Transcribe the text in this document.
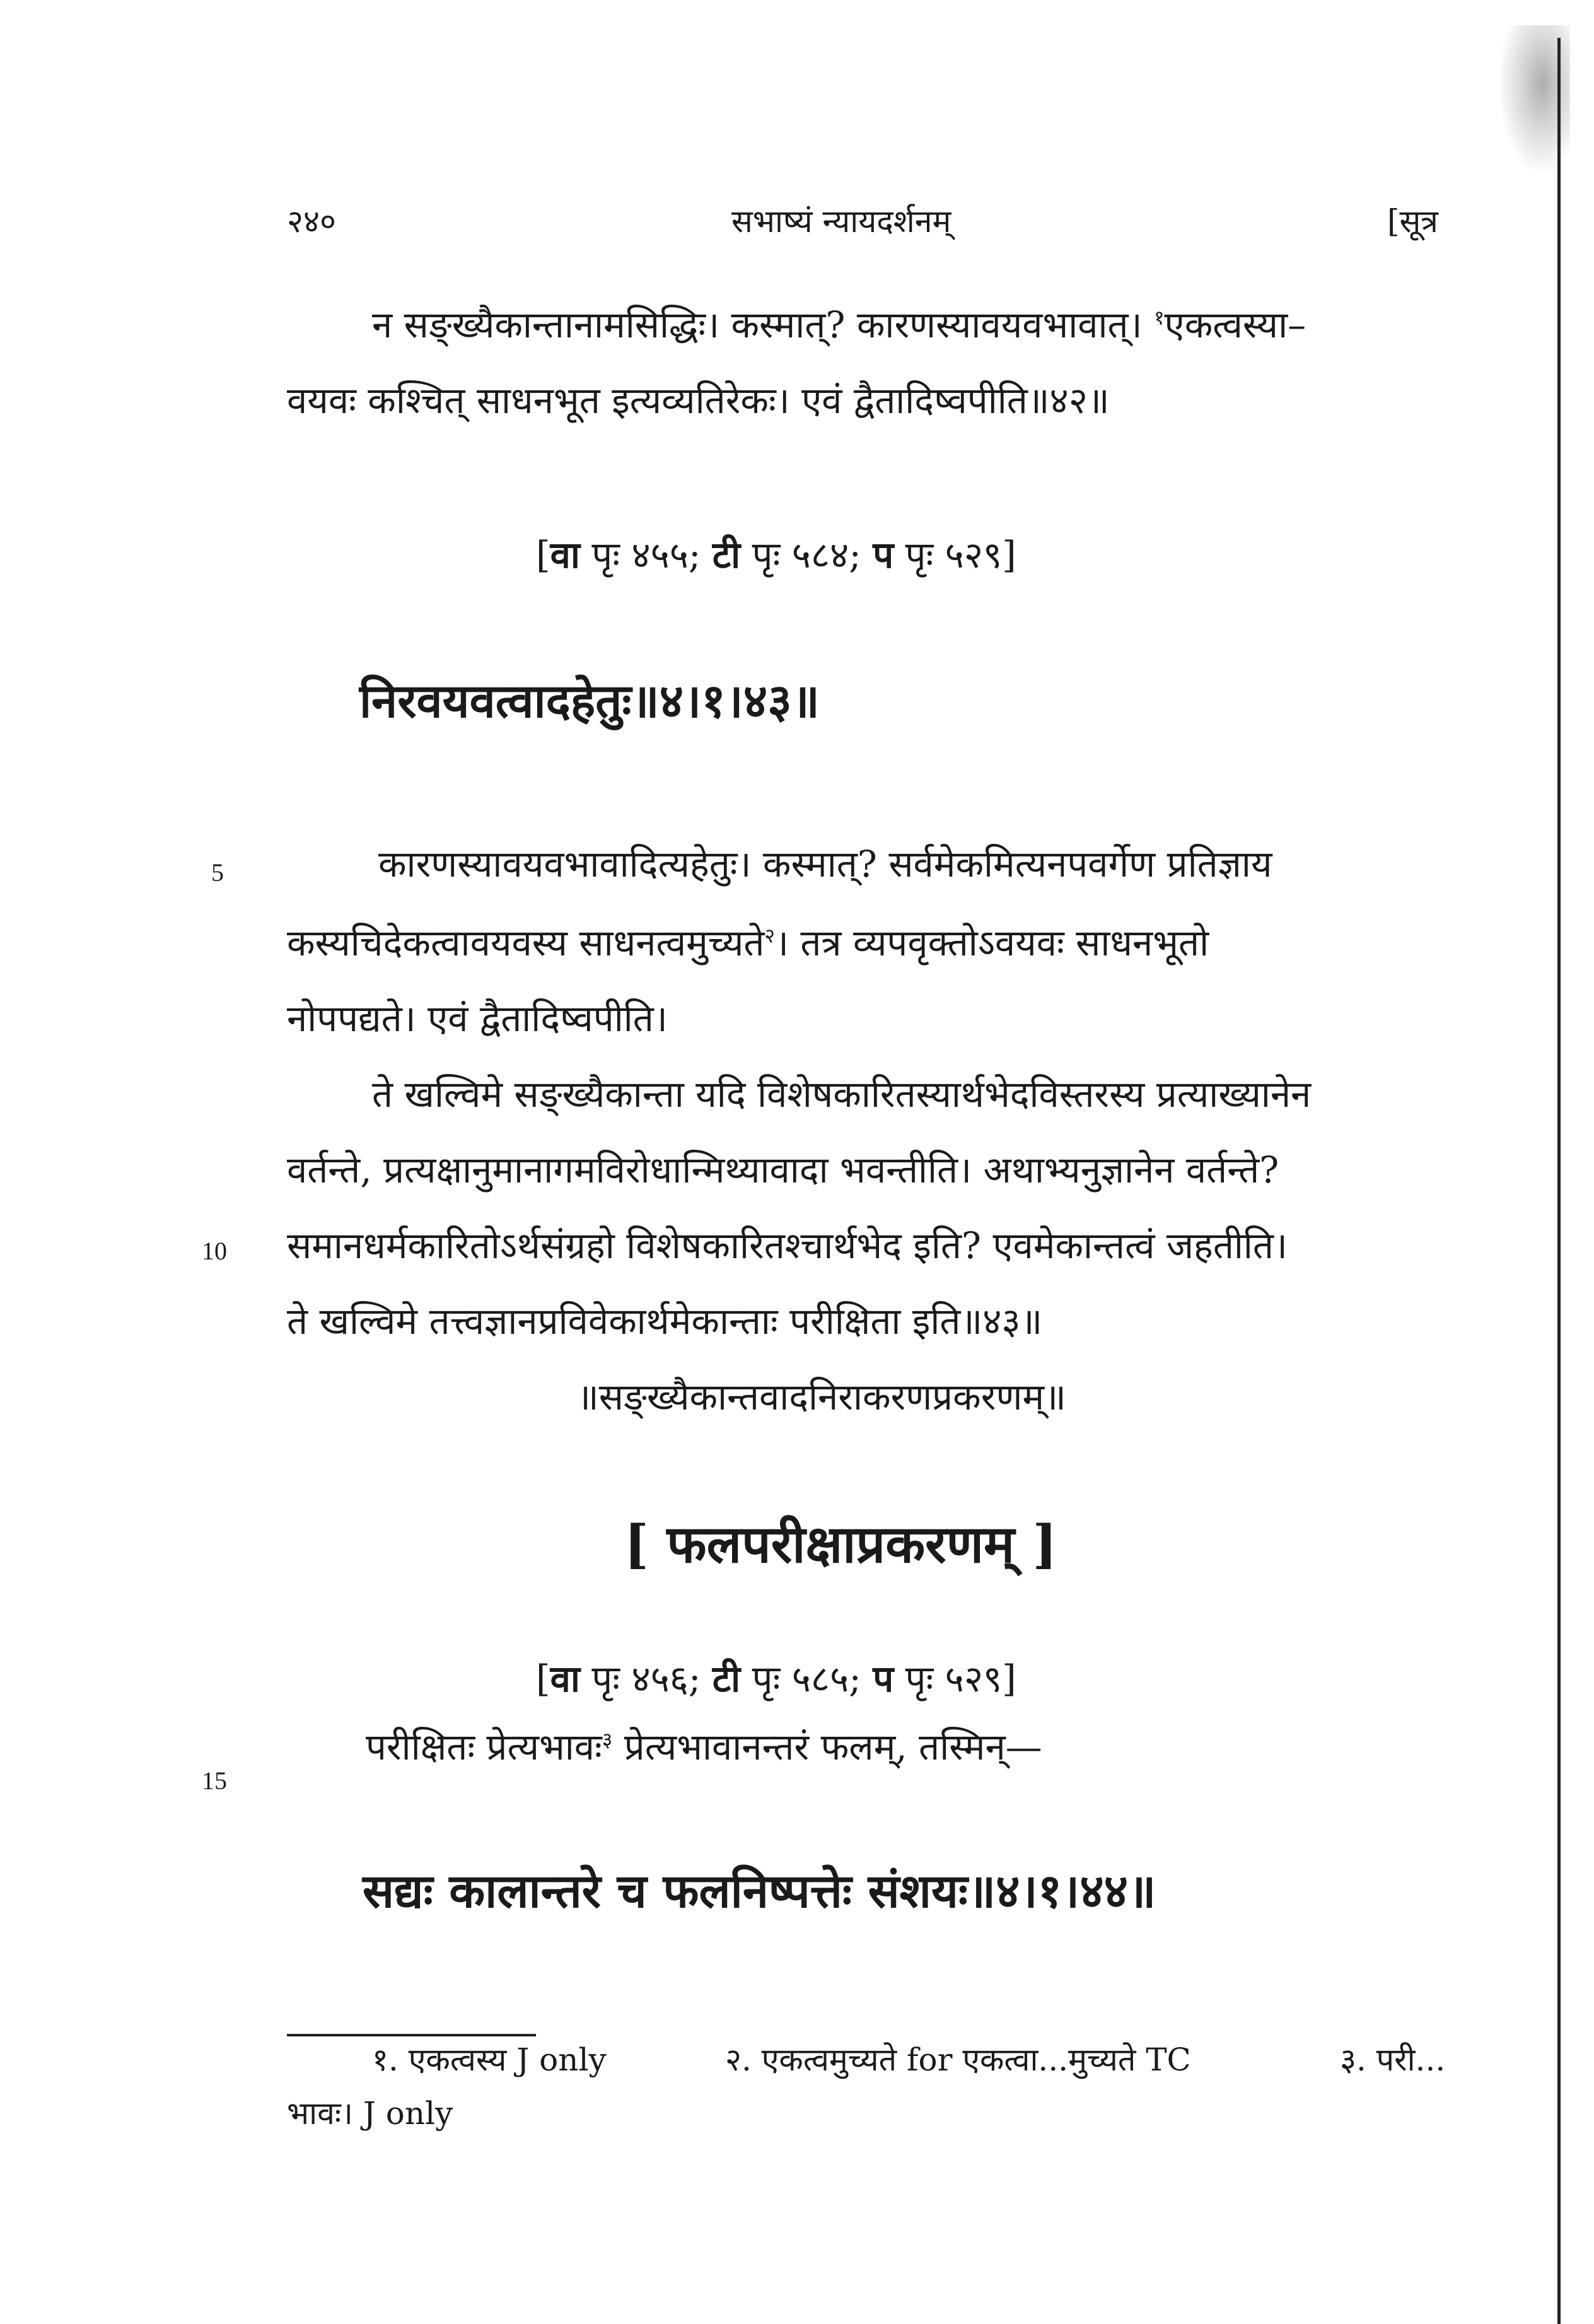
२४०	सभाष्यं न्यायदर्शनम्	[सूत्र
न सङ्ख्यैकान्तानामसिद्धिः। कस्मात्? कारणस्यावयवभावात्। $^१$एकत्वस्या–
वयवः कश्चित् साधनभूत इत्यव्यतिरेकः। एवं द्वैतादिष्वपीति॥४२॥
[वा पृः ४५५; टी पृः ५८४; प पृः ५२९]
निरवयवत्वादहेतुः॥४।१।४३॥
5	कारणस्यावयवभावादित्यहेतुः। कस्मात्? सर्वमेकमित्यनपवर्गेण प्रतिज्ञाय
कस्यचिदेकत्वावयवस्य साधनत्वमुच्यते$^२$। तत्र व्यपवृक्तोऽवयवः साधनभूतो
नोपपद्यते। एवं द्वैतादिष्वपीति।
ते खल्विमे सङ्ख्यैकान्ता यदि विशेषकारितस्यार्थभेदविस्तरस्य प्रत्याख्यानेन
वर्तन्ते, प्रत्यक्षानुमानागमविरोधान्मिथ्यावादा भवन्तीति। अथाभ्यनुज्ञानेन वर्तन्ते?
10 समानधर्मकारितोऽर्थसंग्रहो विशेषकारितश्चार्थभेद इति? एवमेकान्तत्वं जहतीति।
ते खल्विमे तत्त्वज्ञानप्रविवेकार्थमेकान्ताः परीक्षिता इति॥४३॥
॥सङ्ख्यैकान्तवादनिराकरणप्रकरणम्॥
[ फलपरीक्षाप्रकरणम् ]
[वा पृः ४५६; टी पृः ५८५; प पृः ५२९]
परीक्षितः प्रेत्यभावः$^३$ प्रेत्यभावानन्तरं फलम्, तस्मिन्—
15
सद्यः कालान्तरे च फलनिष्पत्तेः संशयः॥४।१।४४॥
१. एकत्वस्य J only	२. एकत्वमुच्यते for एकत्वा...मुच्यते TC	३. परी...
भावः। J only
